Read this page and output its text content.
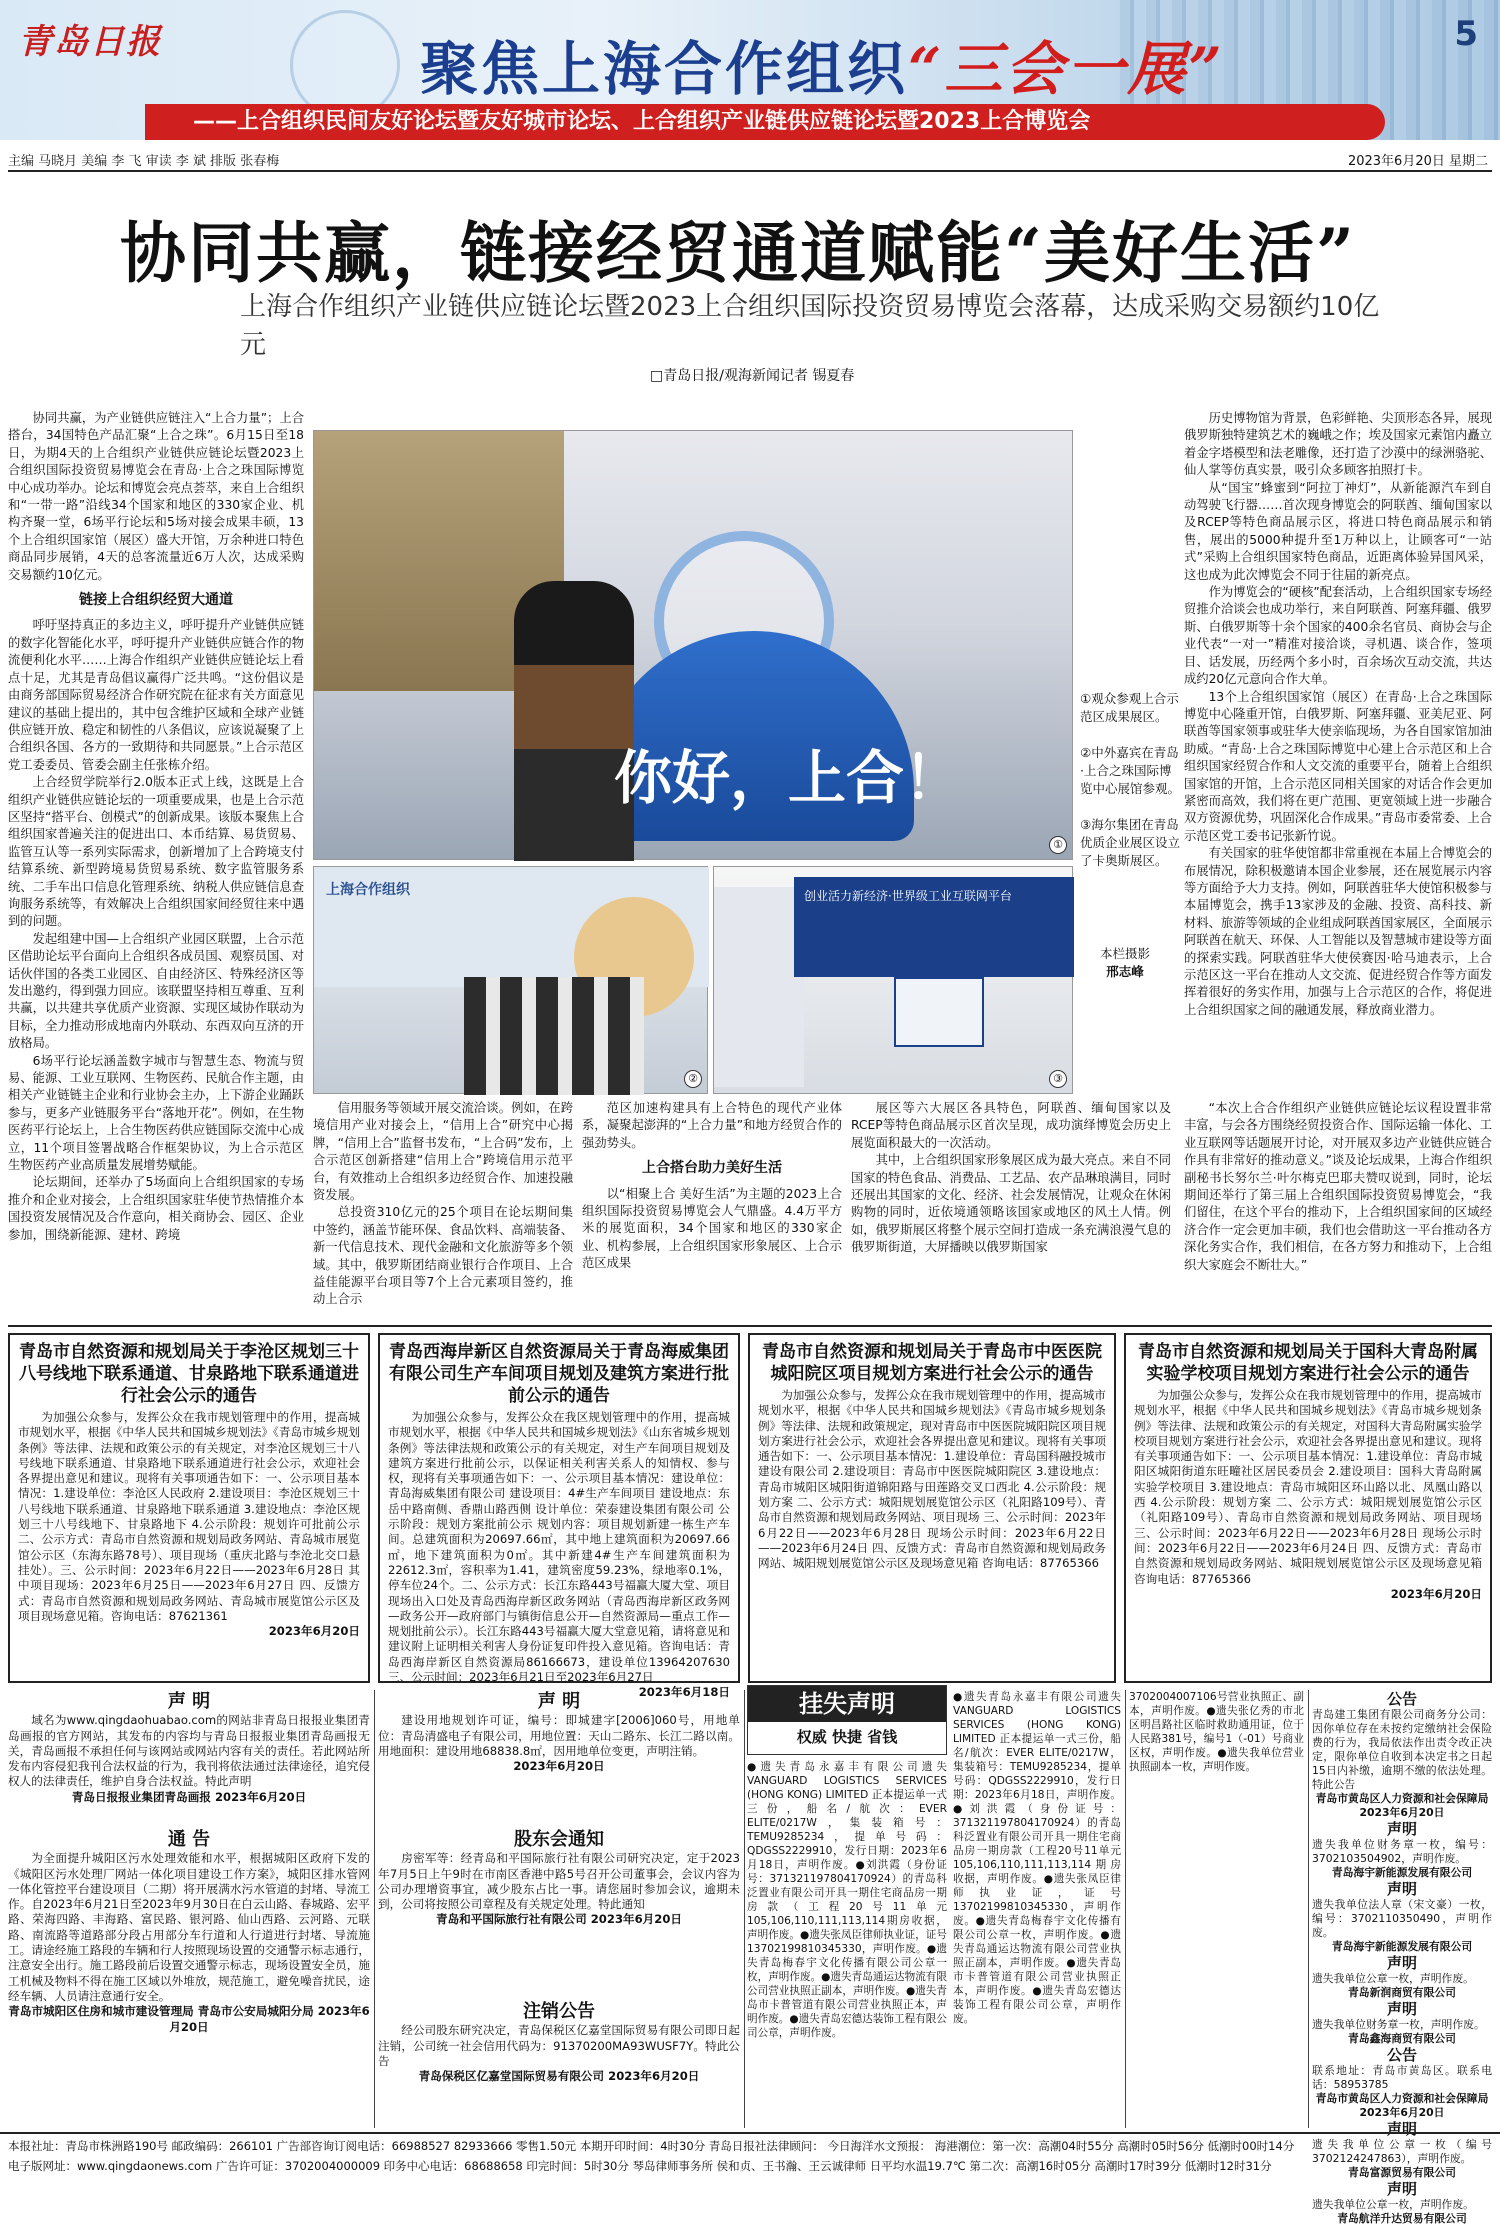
青岛日报	聚焦上海合作组织“三会一展”
5
——上合组织民间友好论坛暨友好城市论坛、上合组织产业链供应链论坛暨2023上合博览会
主编 马晓月 美编 李 飞 审读 李 斌 排版 张春梅	2023年6月20日 星期二
协同共赢，链接经贸通道赋能“美好生活”
上海合作组织产业链供应链论坛暨2023上合组织国际投资贸易博览会落幕，达成采购交易额约10亿元
□青岛日报/观海新闻记者 锡夏春

协同共赢，为产业链供应链注入“上合力量”；上合搭台，34国特色产品汇聚“上合之珠”。6月15日至18日，为期4天的上合组织产业链供应链论坛暨2023上合组织国际投资贸易博览会在青岛·上合之珠国际博览中心成功举办。论坛和博览会亮点荟萃，来自上合组织和“一带一路”沿线34个国家和地区的330家企业、机构齐聚一堂，6场平行论坛和5场对接会成果丰硕，13个上合组织国家馆（展区）盛大开馆，万余种进口特色商品同步展销，4天的总客流量近6万人次，达成采购交易额约10亿元。

链接上合组织经贸大通道

呼吁坚持真正的多边主义，呼吁提升产业链供应链的数字化智能化水平，呼吁提升产业链供应链合作的物流便利化水平……上海合作组织产业链供应链论坛上看点十足，尤其是青岛倡议赢得广泛共鸣。“这份倡议是由商务部国际贸易经济合作研究院在征求有关方面意见建议的基础上提出的，其中包含维护区域和全球产业链供应链开放、稳定和韧性的八条倡议，应该说凝聚了上合组织各国、各方的一致期待和共同愿景。”上合示范区党工委委员、管委会副主任张栋介绍。

上合经贸学院举行2.0版本正式上线，这既是上合组织产业链供应链论坛的一项重要成果，也是上合示范区坚持“搭平台、创模式”的创新成果。该版本聚焦上合组织国家普遍关注的促进出口、本币结算、易货贸易、监管互认等一系列实际需求，创新增加了上合跨境支付结算系统、新型跨境易货贸易系统、数字监管服务系统、二手车出口信息化管理系统、纳税人供应链信息查询服务系统等，有效解决上合组织国家间经贸往来中遇到的问题。

发起组建中国—上合组织产业园区联盟，上合示范区借助论坛平台面向上合组织各成员国、观察员国、对话伙伴国的各类工业园区、自由经济区、特殊经济区等发出邀约，得到强力回应。该联盟坚持相互尊重、互利共赢，以共建共享优质产业资源、实现区域协作联动为目标，全力推动形成地南内外联动、东西双向互济的开放格局。

6场平行论坛涵盖数字城市与智慧生态、物流与贸易、能源、工业互联网、生物医药、民航合作主题，由相关产业链链主企业和行业协会主办，上下游企业踊跃参与，更多产业链服务平台“落地开花”。例如，在生物医药平行论坛上，上合生物医药供应链国际交流中心成立，11个项目签署战略合作框架协议，为上合示范区生物医药产业高质量发展增势赋能。

论坛期间，还举办了5场面向上合组织国家的专场推介和企业对接会，上合组织国家驻华使节热情推介本国投资发展情况及合作意向，相关商协会、园区、企业参加，围绕新能源、建材、跨境

你好，上合！
①
上海合作组织
②
创业活力新经济·世界级工业互联网平台
③

①观众参观上合示范区成果展区。

②中外嘉宾在青岛·上合之珠国际博览中心展馆参观。

③海尔集团在青岛优质企业展区设立了卡奥斯展区。

本栏摄影
邢志峰

历史博物馆为背景，色彩鲜艳、尖顶形态各异，展现俄罗斯独特建筑艺术的巍峨之作；埃及国家元素馆内矗立着金字塔模型和法老雕像，还打造了沙漠中的绿洲骆驼、仙人掌等仿真实景，吸引众多顾客拍照打卡。

从“国宝”蜂蜜到“阿拉丁神灯”，从新能源汽车到自动驾驶飞行器……首次现身博览会的阿联酋、缅甸国家以及RCEP等特色商品展示区，将进口特色商品展示和销售，展出的5000种提升至1万种以上，让顾客可“一站式”采购上合组织国家特色商品，近距离体验异国风采，这也成为此次博览会不同于往届的新亮点。

作为博览会的“硬核”配套活动，上合组织国家专场经贸推介洽谈会也成功举行，来自阿联酋、阿塞拜疆、俄罗斯、白俄罗斯等十余个国家的400余名官员、商协会与企业代表“一对一”精准对接洽谈，寻机遇、谈合作，签项目、话发展，历经两个多小时，百余场次互动交流，共达成约20亿元意向合作大单。

13个上合组织国家馆（展区）在青岛·上合之珠国际博览中心隆重开馆，白俄罗斯、阿塞拜疆、亚美尼亚、阿联酋等国家领事或驻华大使亲临现场，为各自国家馆加油助威。“青岛·上合之珠国际博览中心建上合示范区和上合组织国家经贸合作和人文交流的重要平台，随着上合组织国家馆的开馆，上合示范区同相关国家的对话合作会更加紧密而高效，我们将在更广范围、更宽领域上进一步融合双方资源优势，巩固深化合作成果。”青岛市委常委、上合示范区党工委书记张新竹说。

有关国家的驻华使馆都非常重视在本届上合博览会的布展情况，除积极邀请本国企业参展，还在展览展示内容等方面给予大力支持。例如，阿联酋驻华大使馆积极参与本届博览会，携手13家涉及的金融、投资、高科技、新材料、旅游等领域的企业组成阿联酋国家展区，全面展示阿联酋在航天、环保、人工智能以及智慧城市建设等方面的探索实践。阿联酋驻华大使侯赛因·哈马迪表示，上合示范区这一平台在推动人文交流、促进经贸合作等方面发挥着很好的务实作用，加强与上合示范区的合作，将促进上合组织国家之间的融通发展，释放商业潜力。

信用服务等领域开展交流洽谈。例如，在跨境信用产业对接会上，“信用上合”研究中心揭牌，“信用上合”监督书发布，“上合码”发布，上合示范区创新搭建“信用上合”跨境信用示范平台，有效推动上合组织多边经贸合作、加速投融资发展。

总投资310亿元的25个项目在论坛期间集中签约，涵盖节能环保、食品饮料、高端装备、新一代信息技术、现代金融和文化旅游等多个领域。其中，俄罗斯团结商业银行合作项目、上合益佳能源平台项目等7个上合元素项目签约，推动上合示

范区加速构建具有上合特色的现代产业体系，凝聚起澎湃的“上合力量”和地方经贸合作的强劲势头。

上合搭台助力美好生活

以“相聚上合 美好生活”为主题的2023上合组织国际投资贸易博览会人气鼎盛。4.4万平方米的展览面积，34个国家和地区的330家企业、机构参展，上合组织国家形象展区、上合示范区成果

展区等六大展区各具特色，阿联酋、缅甸国家以及RCEP等特色商品展示区首次呈现，成功演绎博览会历史上展览面积最大的一次活动。

其中，上合组织国家形象展区成为最大亮点。来自不同国家的特色食品、消费品、工艺品、农产品琳琅满目，同时还展出其国家的文化、经济、社会发展情况，让观众在休闲购物的同时，近依境通领略该国家或地区的风土人情。例如，俄罗斯展区将整个展示空间打造成一条充满浪漫气息的俄罗斯街道，大屏播映以俄罗斯国家

“本次上合合作组织产业链供应链论坛议程设置非常丰富，与会各方围绕经贸投资合作、国际运输一体化、工业互联网等话题展开讨论，对开展双多边产业链供应链合作具有非常好的推动意义。”谈及论坛成果，上海合作组织副秘书长努尔兰·叶尔梅克巴耶夫赞叹说到，同时，论坛期间还举行了第三届上合组织国际投资贸易博览会，“我们留住，在这个平台的推动下，上合组织国家间的区域经济合作一定会更加丰硕，我们也会借助这一平台推动各方深化务实合作，我们相信，在各方努力和推动下，上合组织大家庭会不断壮大。”

青岛市自然资源和规划局关于李沧区规划三十八号线地下联系通道、甘泉路地下联系通道进行社会公示的通告

为加强公众参与，发挥公众在我市规划管理中的作用，提高城市规划水平，根据《中华人民共和国城乡规划法》《青岛市城乡规划条例》等法律、法规和政策公示的有关规定，对李沧区规划三十八号线地下联系通道、甘泉路地下联系通道进行社会公示，欢迎社会各界提出意见和建议。现将有关事项通告如下：一、公示项目基本情况：1.建设单位：李沧区人民政府 2.建设项目：李沧区规划三十八号线地下联系通道、甘泉路地下联系通道 3.建设地点：李沧区规划三十八号线地下、甘泉路地下 4.公示阶段：规划许可批前公示 二、公示方式：青岛市自然资源和规划局政务网站、青岛城市展览馆公示区（东海东路78号）、项目现场（重庆北路与李沧北交口悬挂处）。三、公示时间：2023年6月22日——2023年6月28日 其中项目现场：2023年6月25日——2023年6月27日 四、反馈方式：青岛市自然资源和规划局政务网站、青岛城市展览馆公示区及项目现场意见箱。咨询电话：87621361

2023年6月20日
青岛西海岸新区自然资源局关于青岛海威集团有限公司生产车间项目规划及建筑方案进行批前公示的通告

为加强公众参与，发挥公众在我区规划管理中的作用，提高城市规划水平，根据《中华人民共和国城乡规划法》《山东省城乡规划条例》等法律法规和政策公示的有关规定，对生产车间项目规划及建筑方案进行批前公示，以保证相关利害关系人的知情权、参与权，现将有关事项通告如下：一、公示项目基本情况：建设单位：青岛海威集团有限公司 建设项目：4#生产车间项目 建设地点：东岳中路南侧、香鼎山路西侧 设计单位：荣泰建设集团有限公司 公示阶段：规划方案批前公示 规划内容：项目规划新建一栋生产车间。总建筑面积为20697.66㎡，其中地上建筑面积为20697.66㎡，地下建筑面积为0㎡。其中新建4#生产车间建筑面积为22612.3㎡，容积率为1.41，建筑密度59.23%，绿地率0.1%，停车位24个。二、公示方式：长江东路443号福赢大厦大堂、项目现场出入口处及青岛西海岸新区政务网站（青岛西海岸新区政务网—政务公开—政府部门与镇街信息公开—自然资源局—重点工作—规划批前公示）。长江东路443号福赢大厦大堂意见箱，请将意见和建议附上证明相关利害人身份证复印件投入意见箱。咨询电话：青岛西海岸新区自然资源局86166673，建设单位13964207630 三、公示时间：2023年6月21日至2023年6月27日

2023年6月18日
青岛市自然资源和规划局关于青岛市中医医院城阳院区项目规划方案进行社会公示的通告

为加强公众参与，发挥公众在我市规划管理中的作用，提高城市规划水平，根据《中华人民共和国城乡规划法》《青岛市城乡规划条例》等法律、法规和政策规定，现对青岛市中医医院城阳院区项目规划方案进行社会公示，欢迎社会各界提出意见和建议。现将有关事项通告如下：一、公示项目基本情况：1.建设单位：青岛国科融投城市建设有限公司 2.建设项目：青岛市中医医院城阳院区 3.建设地点：青岛市城阳区城阳街道锦阳路与田莲路交叉口西北 4.公示阶段：规划方案 二、公示方式：城阳规划展览馆公示区（礼阳路109号）、青岛市自然资源和规划局政务网站、项目现场 三、公示时间：2023年6月22日——2023年6月28日 现场公示时间：2023年6月22日——2023年6月24日 四、反馈方式：青岛市自然资源和规划局政务网站、城阳规划展览馆公示区及现场意见箱 咨询电话：87765366

青岛市自然资源和规划局关于国科大青岛附属实验学校项目规划方案进行社会公示的通告

为加强公众参与，发挥公众在我市规划管理中的作用，提高城市规划水平，根据《中华人民共和国城乡规划法》《青岛市城乡规划条例》等法律、法规和政策公示的有关规定，对国科大青岛附属实验学校项目规划方案进行社会公示，欢迎社会各界提出意见和建议。现将有关事项通告如下：一、公示项目基本情况：1.建设单位：青岛市城阳区城阳街道东旺疃社区居民委员会 2.建设项目：国科大青岛附属实验学校项目 3.建设地点：青岛市城阳区环山路以北、凤凰山路以西 4.公示阶段：规划方案 二、公示方式：城阳规划展览馆公示区（礼阳路109号）、青岛市自然资源和规划局政务网站、项目现场 三、公示时间：2023年6月22日——2023年6月28日 现场公示时间：2023年6月22日——2023年6月24日 四、反馈方式：青岛市自然资源和规划局政务网站、城阳规划展览馆公示区及现场意见箱 咨询电话：87765366

2023年6月20日
声 明

域名为www.qingdaohuabao.com的网站非青岛日报报业集团青岛画报的官方网站，其发布的内容均与青岛日报报业集团青岛画报无关，青岛画报不承担任何与该网站或网站内容有关的责任。若此网站所发布内容侵犯我刊合法权益的行为，我刊将依法通过法律途径，追究侵权人的法律责任，维护自身合法权益。特此声明

青岛日报报业集团青岛画报 2023年6月20日
通 告

为全面提升城阳区污水处理效能和水平，根据城阳区政府下发的《城阳区污水处理厂网站一体化项目建设工作方案》，城阳区排水管网一体化管控平台建设项目（二期）将开展满水污水管道的封堵、导流工作。自2023年6月21日至2023年9月30日在白云山路、春城路、宏平路、荣海四路、丰海路、富民路、银河路、仙山西路、云河路、元联路、南流路等道路部分段占用部分车行道和人行道进行封堵、导流施工。请途经施工路段的车辆和行人按照现场设置的交通警示标志通行，注意安全出行。施工路段前后设置交通警示标志，现场设置安全员，施工机械及物料不得在施工区域以外堆放，规范施工，避免噪音扰民，途经车辆、人员请注意通行安全。

青岛市城阳区住房和城市建设管理局 青岛市公安局城阳分局 2023年6月20日
声 明

建设用地规划许可证，编号：即城建字[2006]060号，用地单位：青岛清盛电子有限公司，用地位置：天山二路东、长江二路以南。用地面积：建设用地68838.8㎡，因用地单位变更，声明注销。

2023年6月20日
股东会通知

房密军等：经青岛和平国际旅行社有限公司研究决定，定于2023年7月5日上午9时在市南区香港中路5号召开公司董事会，会议内容为公司办理增资事宜，减少股东占比一事。请您届时参加会议，逾期未到，公司将按照公司章程及有关规定处理。特此通知

青岛和平国际旅行社有限公司 2023年6月20日
注销公告

经公司股东研究决定，青岛保税区亿嘉堂国际贸易有限公司即日起注销，公司统一社会信用代码为：91370200MA93WUSF7Y。特此公告

青岛保税区亿嘉堂国际贸易有限公司 2023年6月20日
挂失声明
权威 快捷 省钱
●遗失青岛永嘉丰有限公司遗失VANGUARD LOGISTICS SERVICES (HONG KONG) LIMITED 正本提运单一式三份，船名/航次：EVER ELITE/0217W，集装箱号：TEMU9285234，提单号码：QDGSS2229910，发行日期：2023年6月18日，声明作废。●刘洪霞（身份证号：371321197804170924）的青岛科泛置业有限公司开具一期住宅商品房一期房款（工程20号11单元105,106,110,111,113,114期房收据，声明作废。●遗失张凤臣律师执业证，证号13702199810345330，声明作废。●遗失青岛梅春宇文化传播有限公司公章一枚，声明作废。●遗失青岛通运达物流有限公司营业执照正副本，声明作废。●遗失青岛市卡普管道有限公司营业执照正本，声明作废。●遗失青岛宏德达装饰工程有限公司公章，声明作废。
●遗失青岛永嘉丰有限公司遗失VANGUARD LOGISTICS SERVICES (HONG KONG) LIMITED 正本提运单一式三份，船名/航次：EVER ELITE/0217W，集装箱号：TEMU9285234，提单号码：QDGSS2229910，发行日期：2023年6月18日，声明作废。●刘洪霞（身份证号：371321197804170924）的青岛科泛置业有限公司开具一期住宅商品房一期房款（工程20号11单元105,106,110,111,113,114期房收据，声明作废。●遗失张凤臣律师执业证，证号13702199810345330，声明作废。●遗失青岛梅春宇文化传播有限公司公章一枚，声明作废。●遗失青岛通运达物流有限公司营业执照正副本，声明作废。●遗失青岛市卡普管道有限公司营业执照正本，声明作废。●遗失青岛宏德达装饰工程有限公司公章，声明作废。
3702004007106号营业执照正、副本，声明作废。●遗失张亿秀的市北区明昌路社区临时救助通用证，位于人民路381号，编号1（-01）号商业区权，声明作废。●遗失我单位营业执照副本一枚，声明作废。
公告

青岛建工集团有限公司商务分公司：因你单位存在未按约定缴纳社会保险费的行为，我局依法作出责令改正决定，限你单位自收到本决定书之日起15日内补缴，逾期不缴的依法处理。特此公告

青岛市黄岛区人力资源和社会保障局 2023年6月20日
声明

遗失我单位财务章一枚，编号：3702103504902，声明作废。

青岛海宇新能源发展有限公司
声明

遗失我单位法人章（宋文豪）一枚，编号：3702110350490，声明作废。

青岛海宇新能源发展有限公司
声明

遗失我单位公章一枚，声明作废。

青岛新润商贸有限公司
声明

遗失我单位财务章一枚，声明作废。

青岛鑫海商贸有限公司
公告

联系地址：青岛市黄岛区。联系电话：58953785

青岛市黄岛区人力资源和社会保障局 2023年6月20日
声明

遗失我单位公章一枚（编号3702124247863），声明作废。

青岛富源贸易有限公司
声明

遗失我单位公章一枚，声明作废。

青岛航洋升达贸易有限公司
本报社址：青岛市株洲路190号 邮政编码：266101 广告部咨询订阅电话：66988527 82933666 零售1.50元 本期开印时间：4时30分 青岛日报社法律顾问： 今日海洋水文预报： 海港潮位：第一次：高潮04时55分 高潮时05时56分 低潮时00时14分
电子版网址：www.qingdaonews.com 广告许可证：3702004000009 印务中心电话：68688658 印完时间：5时30分 琴岛律师事务所 侯和贞、王书瀚、王云诚律师 日平均水温19.7℃ 第二次：高潮16时05分 高潮时17时39分 低潮时12时31分
